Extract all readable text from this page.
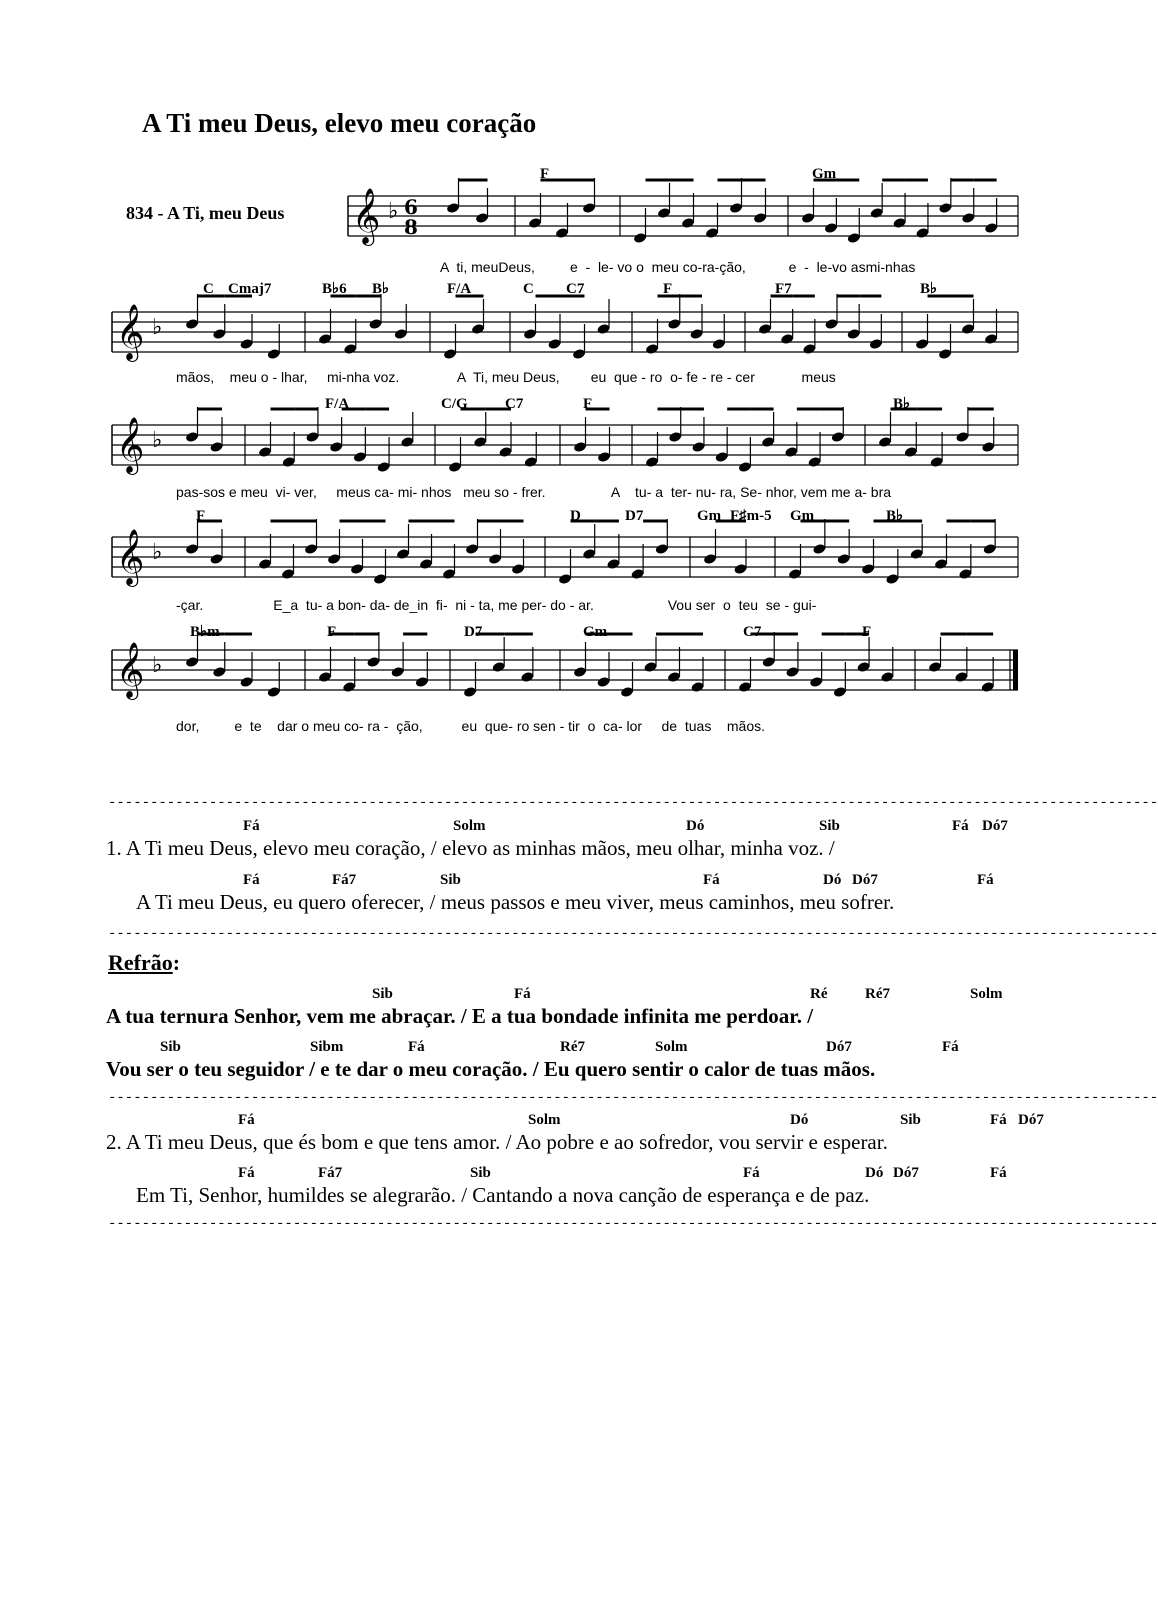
A Ti meu Deus, elevo meu coração
834 - A Ti, meu Deus 𝄞 ♭ 6
8
F	Gm
A  ti, meuDeus,         e  -  le- vo o  meu co-ra-ção,           e  -  le-vo asmi-nhas
𝄞 ♭
C Cmaj7	B♭6 B♭	F/A	C C7	F	F7	B♭
mãos,    meu o - lhar,     mi-nha voz.               A  Ti, meu Deus,        eu  que - ro  o- fe - re - cer            meus
𝄞 ♭
F/A	C/G C7	F	B♭
pas-sos e meu  vi- ver,     meus ca- mi- nhos   meu so - frer.                 A    tu- a  ter- nu- ra, Se- nhor, vem me a- bra
𝄞 ♭
F	D	D7	Gm F♯m-5 Gm	B♭
-çar.                  E_a  tu- a bon- da- de_in  fi-  ni - ta, me per- do - ar.                   Vou ser  o  teu  se - gui-
𝄞 ♭
B♭m	F	D7	Gm	C7	F
dor,         e  te    dar o meu co- ra -  ção,          eu  que- ro sen - tir  o  ca- lor     de  tuas    mãos.
-----------------------------------------------------------------------------------------------------------------------------
Fá	Solm	Dó	Sib	Fá Dó7
1. A Ti meu Deus, elevo meu coração, / elevo as minhas mãos, meu olhar, minha voz. /
Fá	Fá7	Sib	Fá	Dó Dó7	Fá
A Ti meu Deus, eu quero oferecer, / meus passos e meu viver, meus caminhos, meu sofrer.
-----------------------------------------------------------------------------------------------------------------------------
Refrão:
Sib	Fá	Ré	Ré7	Solm
A tua ternura Senhor, vem me abraçar. / E a tua bondade infinita me perdoar. /
Sib	Sibm	Fá	Ré7	Solm	Dó7	Fá
Vou ser o teu seguidor / e te dar o meu coração. / Eu quero sentir o calor de tuas mãos.
-----------------------------------------------------------------------------------------------------------------------------
Fá	Solm	Dó	Sib	Fá Dó7
2. A Ti meu Deus, que és bom e que tens amor. / Ao pobre e ao sofredor, vou servir e esperar.
Fá	Fá7	Sib	Fá	Dó Dó7	Fá
Em Ti, Senhor, humildes se alegrarão. / Cantando a nova canção de esperança e de paz.
-----------------------------------------------------------------------------------------------------------------------------
